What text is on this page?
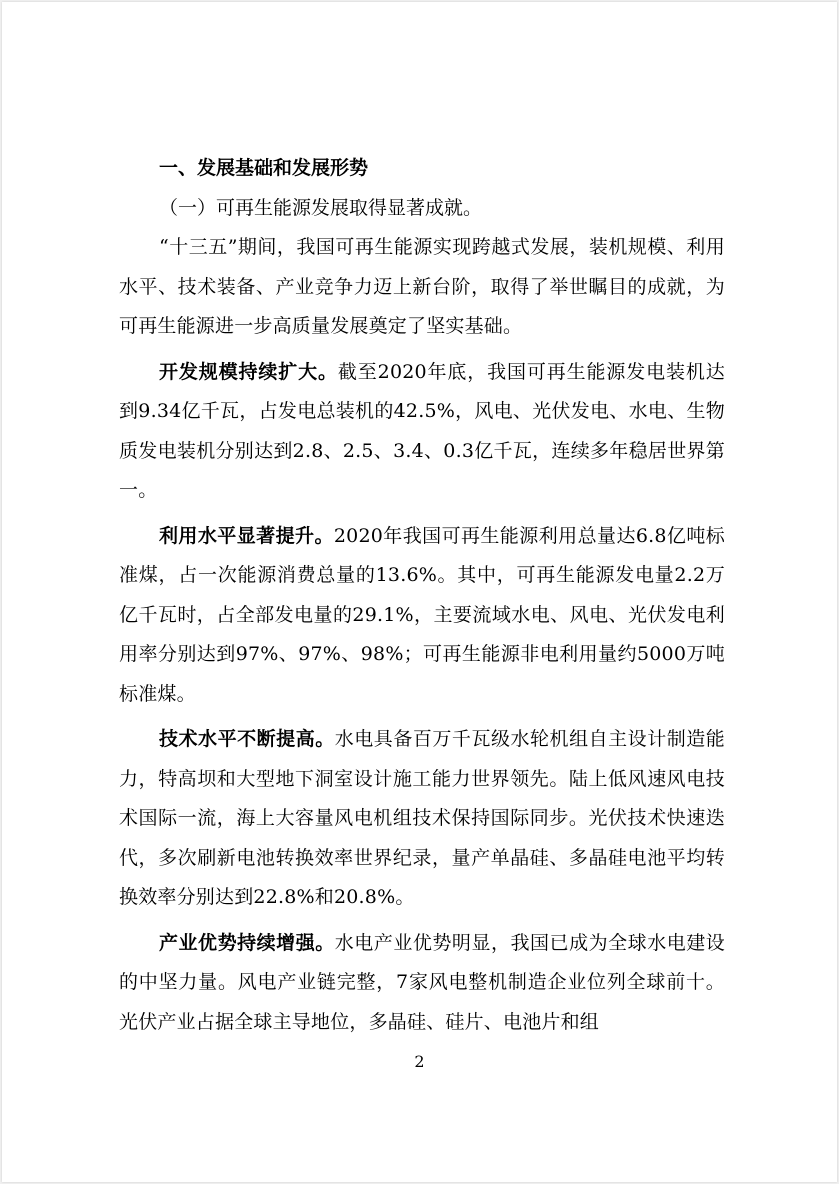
一、发展基础和发展形势

（一）可再生能源发展取得显著成就。

“十三五”期间，我国可再生能源实现跨越式发展，装机规模、利用水平、技术装备、产业竞争力迈上新台阶，取得了举世瞩目的成就，为可再生能源进一步高质量发展奠定了坚实基础。

开发规模持续扩大。截至2020年底，我国可再生能源发电装机达到9.34亿千瓦，占发电总装机的42.5%，风电、光伏发电、水电、生物质发电装机分别达到2.8、2.5、3.4、0.3亿千瓦，连续多年稳居世界第一。

利用水平显著提升。2020年我国可再生能源利用总量达6.8亿吨标准煤，占一次能源消费总量的13.6%。其中，可再生能源发电量2.2万亿千瓦时，占全部发电量的29.1%，主要流域水电、风电、光伏发电利用率分别达到97%、97%、98%；可再生能源非电利用量约5000万吨标准煤。

技术水平不断提高。水电具备百万千瓦级水轮机组自主设计制造能力，特高坝和大型地下洞室设计施工能力世界领先。陆上低风速风电技术国际一流，海上大容量风电机组技术保持国际同步。光伏技术快速迭代，多次刷新电池转换效率世界纪录，量产单晶硅、多晶硅电池平均转换效率分别达到22.8%和20.8%。

产业优势持续增强。水电产业优势明显，我国已成为全球水电建设的中坚力量。风电产业链完整，7家风电整机制造企业位列全球前十。光伏产业占据全球主导地位，多晶硅、硅片、电池片和组

2
